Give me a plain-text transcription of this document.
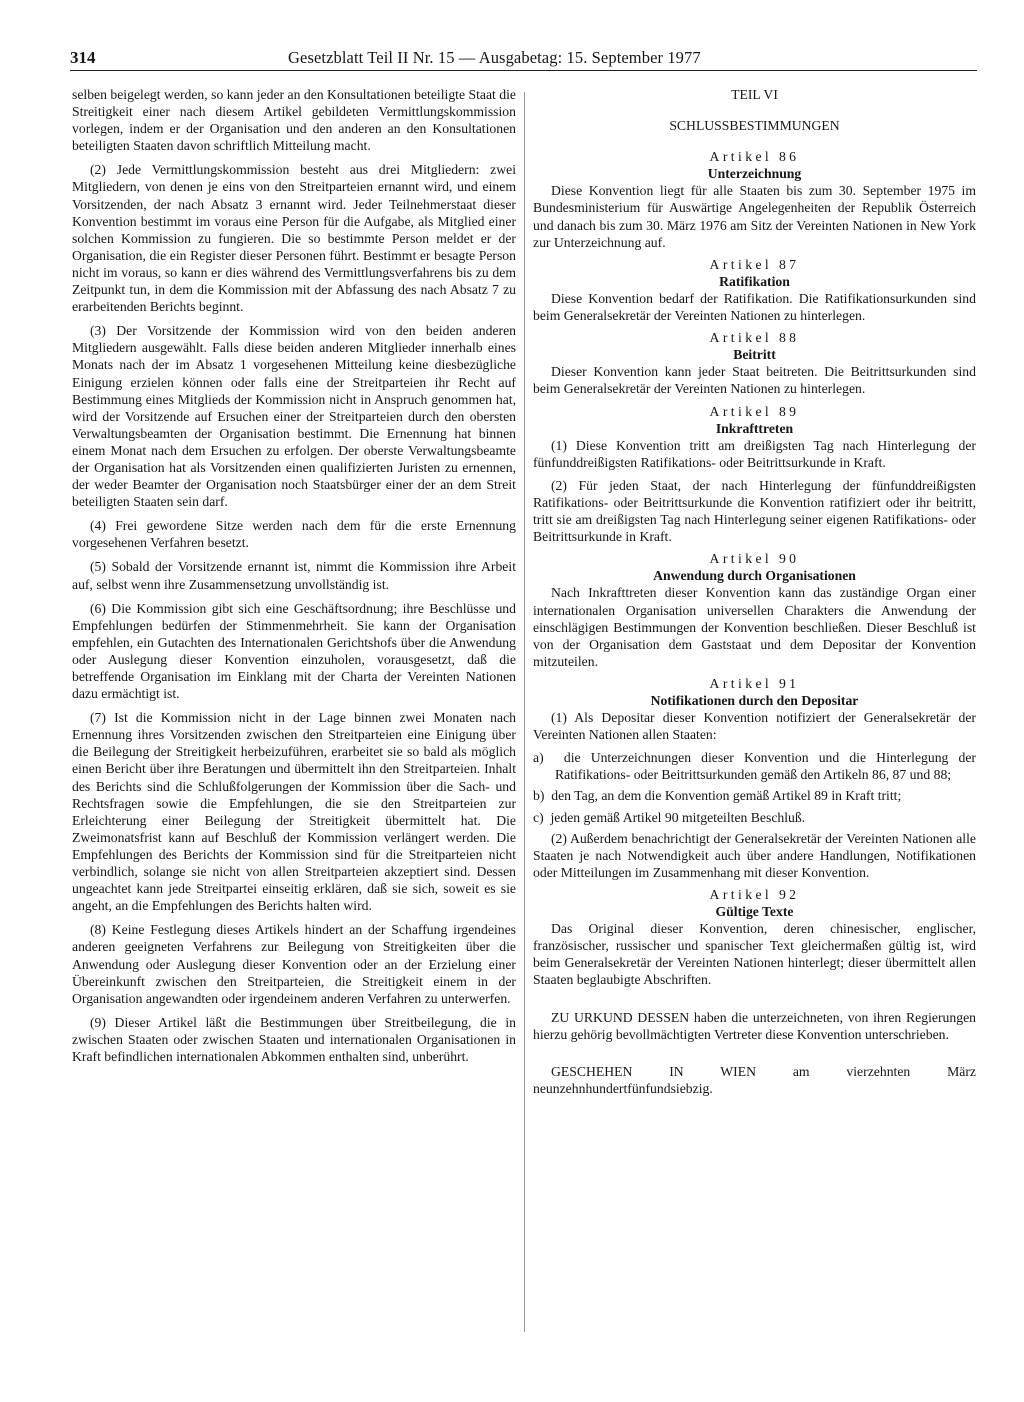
314	Gesetzblatt Teil II Nr. 15 — Ausgabetag: 15. September 1977

selben beigelegt werden, so kann jeder an den Konsultationen beteiligte Staat die Streitigkeit einer nach diesem Artikel gebildeten Vermittlungskommission vorlegen, indem er der Organisation und den anderen an den Konsultationen beteiligten Staaten davon schriftlich Mitteilung macht.

(2) Jede Vermittlungskommission besteht aus drei Mitgliedern: zwei Mitgliedern, von denen je eins von den Streitparteien ernannt wird, und einem Vorsitzenden, der nach Absatz 3 ernannt wird. Jeder Teilnehmerstaat dieser Konvention bestimmt im voraus eine Person für die Aufgabe, als Mitglied einer solchen Kommission zu fungieren. Die so bestimmte Person meldet er der Organisation, die ein Register dieser Personen führt. Bestimmt er besagte Person nicht im voraus, so kann er dies während des Vermittlungsverfahrens bis zu dem Zeitpunkt tun, in dem die Kommission mit der Abfassung des nach Absatz 7 zu erarbeitenden Berichts beginnt.

(3) Der Vorsitzende der Kommission wird von den beiden anderen Mitgliedern ausgewählt. Falls diese beiden anderen Mitglieder innerhalb eines Monats nach der im Absatz 1 vorgesehenen Mitteilung keine diesbezügliche Einigung erzielen können oder falls eine der Streitparteien ihr Recht auf Bestimmung eines Mitglieds der Kommission nicht in Anspruch genommen hat, wird der Vorsitzende auf Ersuchen einer der Streitparteien durch den obersten Verwaltungsbeamten der Organisation bestimmt. Die Ernennung hat binnen einem Monat nach dem Ersuchen zu erfolgen. Der oberste Verwaltungsbeamte der Organisation hat als Vorsitzenden einen qualifizierten Juristen zu ernennen, der weder Beamter der Organisation noch Staatsbürger einer der an dem Streit beteiligten Staaten sein darf.

(4) Frei gewordene Sitze werden nach dem für die erste Ernennung vorgesehenen Verfahren besetzt.

(5) Sobald der Vorsitzende ernannt ist, nimmt die Kommission ihre Arbeit auf, selbst wenn ihre Zusammensetzung unvollständig ist.

(6) Die Kommission gibt sich eine Geschäftsordnung; ihre Beschlüsse und Empfehlungen bedürfen der Stimmenmehrheit. Sie kann der Organisation empfehlen, ein Gutachten des Internationalen Gerichtshofs über die Anwendung oder Auslegung dieser Konvention einzuholen, vorausgesetzt, daß die betreffende Organisation im Einklang mit der Charta der Vereinten Nationen dazu ermächtigt ist.

(7) Ist die Kommission nicht in der Lage binnen zwei Monaten nach Ernennung ihres Vorsitzenden zwischen den Streitparteien eine Einigung über die Beilegung der Streitigkeit herbeizuführen, erarbeitet sie so bald als möglich einen Bericht über ihre Beratungen und übermittelt ihn den Streitparteien. Inhalt des Berichts sind die Schlußfolgerungen der Kommission über die Sach- und Rechtsfragen sowie die Empfehlungen, die sie den Streitparteien zur Erleichterung einer Beilegung der Streitigkeit übermittelt hat. Die Zweimonatsfrist kann auf Beschluß der Kommission verlängert werden. Die Empfehlungen des Berichts der Kommission sind für die Streitparteien nicht verbindlich, solange sie nicht von allen Streitparteien akzeptiert sind. Dessen ungeachtet kann jede Streitpartei einseitig erklären, daß sie sich, soweit es sie angeht, an die Empfehlungen des Berichts halten wird.

(8) Keine Festlegung dieses Artikels hindert an der Schaffung irgendeines anderen geeigneten Verfahrens zur Beilegung von Streitigkeiten über die Anwendung oder Auslegung dieser Konvention oder an der Erzielung einer Übereinkunft zwischen den Streitparteien, die Streitigkeit einem in der Organisation angewandten oder irgendeinem anderen Verfahren zu unterwerfen.

(9) Dieser Artikel läßt die Bestimmungen über Streitbeilegung, die in zwischen Staaten oder zwischen Staaten und internationalen Organisationen in Kraft befindlichen internationalen Abkommen enthalten sind, unberührt.

TEIL VI

SCHLUSSBESTIMMUNGEN

Artikel 86

Unterzeichnung

Diese Konvention liegt für alle Staaten bis zum 30. September 1975 im Bundesministerium für Auswärtige Angelegenheiten der Republik Österreich und danach bis zum 30. März 1976 am Sitz der Vereinten Nationen in New York zur Unterzeichnung auf.

Artikel 87

Ratifikation

Diese Konvention bedarf der Ratifikation. Die Ratifikationsurkunden sind beim Generalsekretär der Vereinten Nationen zu hinterlegen.

Artikel 88

Beitritt

Dieser Konvention kann jeder Staat beitreten. Die Beitrittsurkunden sind beim Generalsekretär der Vereinten Nationen zu hinterlegen.

Artikel 89

Inkrafttreten

(1) Diese Konvention tritt am dreißigsten Tag nach Hinterlegung der fünfunddreißigsten Ratifikations- oder Beitrittsurkunde in Kraft.

(2) Für jeden Staat, der nach Hinterlegung der fünfunddreißigsten Ratifikations- oder Beitrittsurkunde die Konvention ratifiziert oder ihr beitritt, tritt sie am dreißigsten Tag nach Hinterlegung seiner eigenen Ratifikations- oder Beitrittsurkunde in Kraft.

Artikel 90

Anwendung durch Organisationen

Nach Inkrafttreten dieser Konvention kann das zuständige Organ einer internationalen Organisation universellen Charakters die Anwendung der einschlägigen Bestimmungen der Konvention beschließen. Dieser Beschluß ist von der Organisation dem Gaststaat und dem Depositar der Konvention mitzuteilen.

Artikel 91

Notifikationen durch den Depositar

(1) Als Depositar dieser Konvention notifiziert der Generalsekretär der Vereinten Nationen allen Staaten:

a)  die Unterzeichnungen dieser Konvention und die Hinterlegung der Ratifikations- oder Beitrittsurkunden gemäß den Artikeln 86, 87 und 88;

b)  den Tag, an dem die Konvention gemäß Artikel 89 in Kraft tritt;

c)  jeden gemäß Artikel 90 mitgeteilten Beschluß.

(2) Außerdem benachrichtigt der Generalsekretär der Vereinten Nationen alle Staaten je nach Notwendigkeit auch über andere Handlungen, Notifikationen oder Mitteilungen im Zusammenhang mit dieser Konvention.

Artikel 92

Gültige Texte

Das Original dieser Konvention, deren chinesischer, englischer, französischer, russischer und spanischer Text gleichermaßen gültig ist, wird beim Generalsekretär der Vereinten Nationen hinterlegt; dieser übermittelt allen Staaten beglaubigte Abschriften.

ZU URKUND DESSEN haben die unterzeichneten, von ihren Regierungen hierzu gehörig bevollmächtigten Vertreter diese Konvention unterschrieben.

GESCHEHEN IN WIEN am vierzehnten März neunzehnhundertfünfundsiebzig.
